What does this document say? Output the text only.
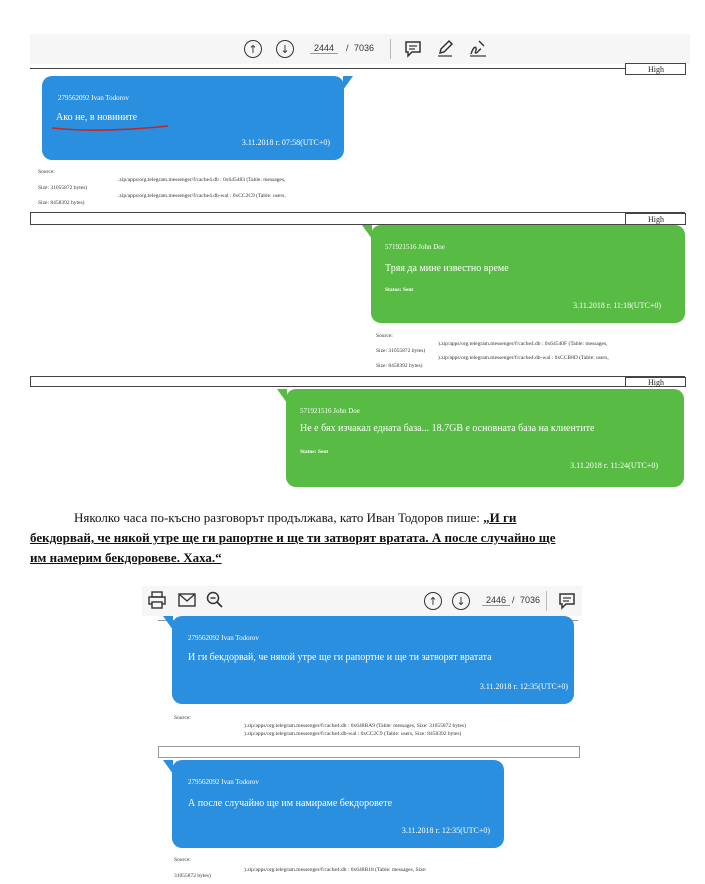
↑	↓	2444	/ 7036
High
279562092 Ivan Todorov
Ако не, в новините
3.11.2018 г. 07:58(UTC+0)
Source:
.zip/apps/org.telegram.messenger/f/cache4.db : 0x645483 (Table: messages,
Size: 31055872 bytes)
.zip/apps/org.telegram.messenger/f/cache4.db-wal : 0xCC2C9 (Table: users,
Size: 8458392 bytes)
High
571921516 John Doe
Тряя да мине известно време
Status: Sent
3.11.2018 г. 11:18(UTC+0)
Source:
).zip/apps/org.telegram.messenger/f/cache4.db : 0x64540F (Table: messages,
Size: 31055872 bytes)
).zip/apps/org.telegram.messenger/f/cache4.db-wal : 0xCCB8D (Table: users,
Size: 8458392 bytes)
High
571921516 John Doe
Не е бях изчакал едната база... 18.7GB е основната база на клиентите
Status: Sent
3.11.2018 г. 11:24(UTC+0)
Няколко часа по-късно разговорът продължава, като Иван Тодоров пише: „И ги
бекдорвай, че някой утре ще ги рапортне и ще ти затворят вратата. А после случайно ще
им намерим бекдоровеве. Хаха.“
↑	↓	2446 / 7036
279562092 Ivan Todorov
И ги бекдорвай, че някой утре ще ги рапортне и ще ти затворят вратата
3.11.2018 г. 12:35(UTC+0)
Source:
).zip/apps/org.telegram.messenger/f/cache4.db : 0x648BA9 (Table: messages, Size: 31055872 bytes)
).zip/apps/org.telegram.messenger/f/cache4.db-wal : 0xCC2C9 (Table: users, Size: 8458392 bytes)
279562092 Ivan Todorov
А после случайно ще им намираме бекдоровете
3.11.2018 г. 12:35(UTC+0)
Source:
).zip/apps/org.telegram.messenger/f/cache4.db : 0x648B18 (Table: messages, Size:
31055872 bytes)
